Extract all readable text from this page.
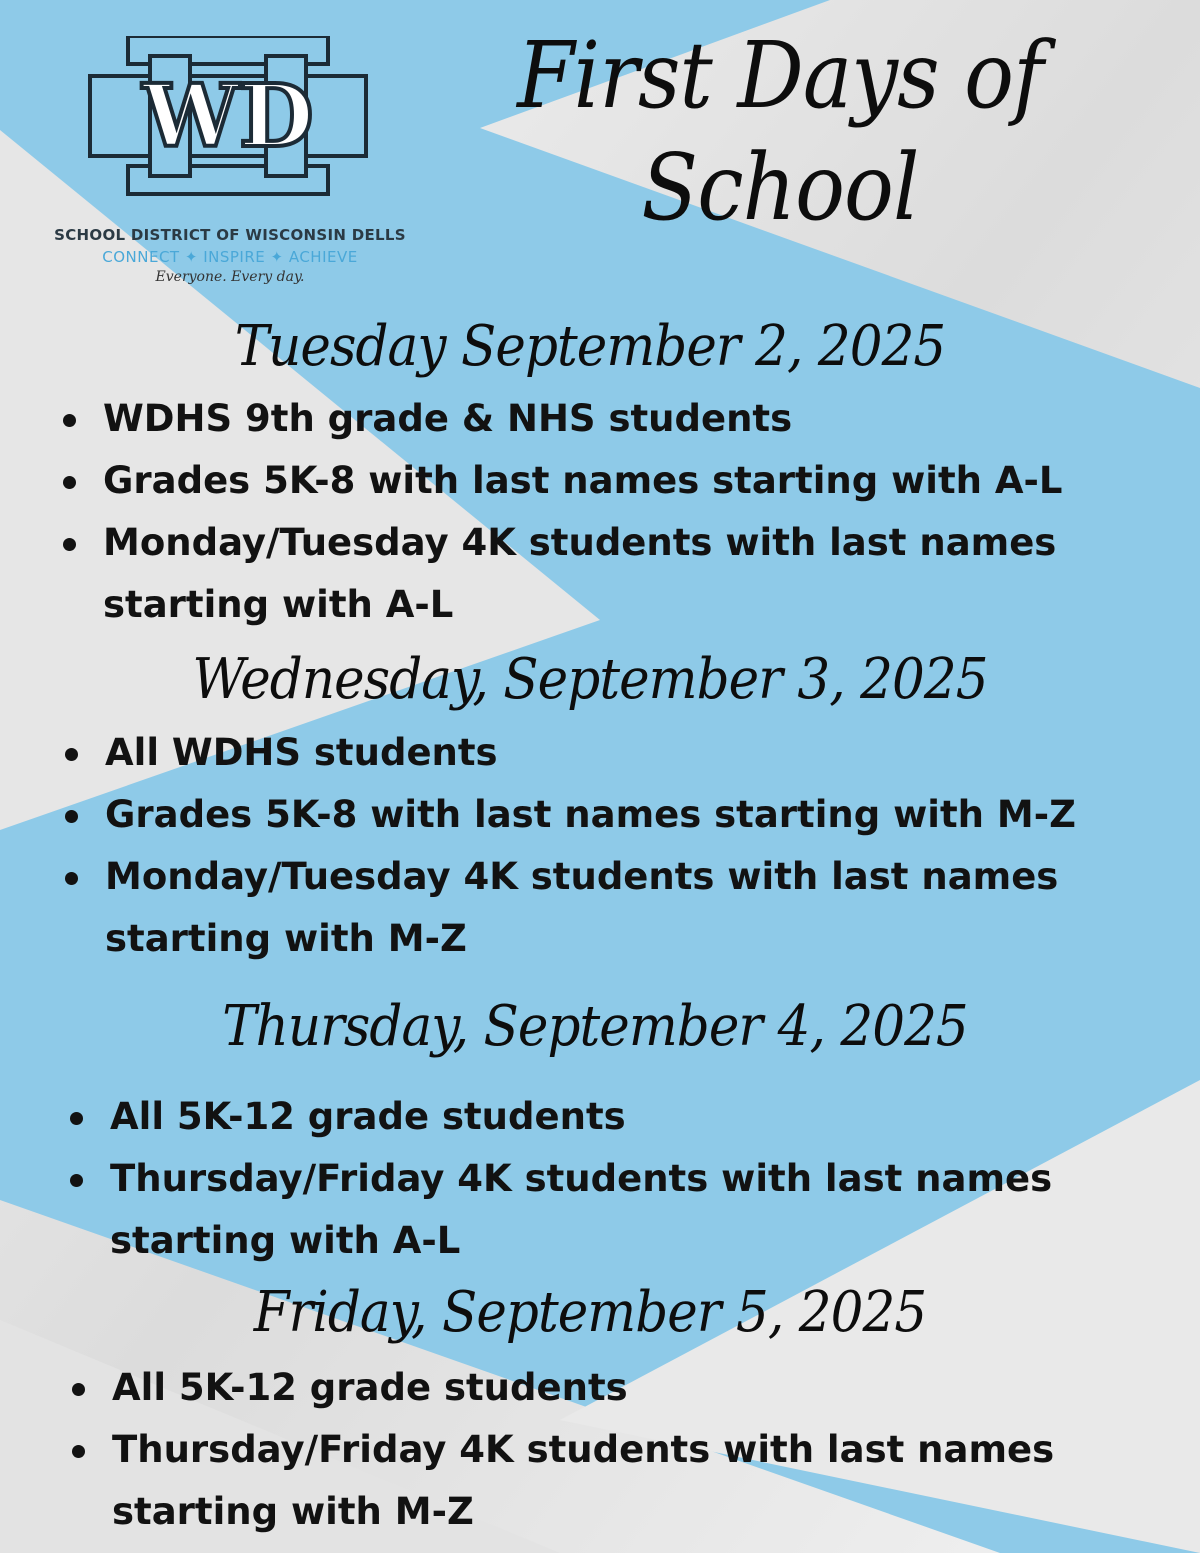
WD
SCHOOL DISTRICT OF WISCONSIN DELLS
CONNECT ✦ INSPIRE ✦ ACHIEVE
Everyone. Every day.
First Days of
School
Tuesday September 2, 2025
WDHS 9th grade & NHS students
Grades 5K-8 with last names starting with A-L
Monday/Tuesday 4K students with last names
starting with A-L
Wednesday, September 3, 2025
All WDHS students
Grades 5K-8 with last names starting with M-Z
Monday/Tuesday 4K students with last names
starting with M-Z
Thursday, September 4, 2025
All 5K-12 grade students
Thursday/Friday 4K students with last names
starting with A-L
Friday, September 5, 2025
All 5K-12 grade students
Thursday/Friday 4K students with last names
starting with M-Z
